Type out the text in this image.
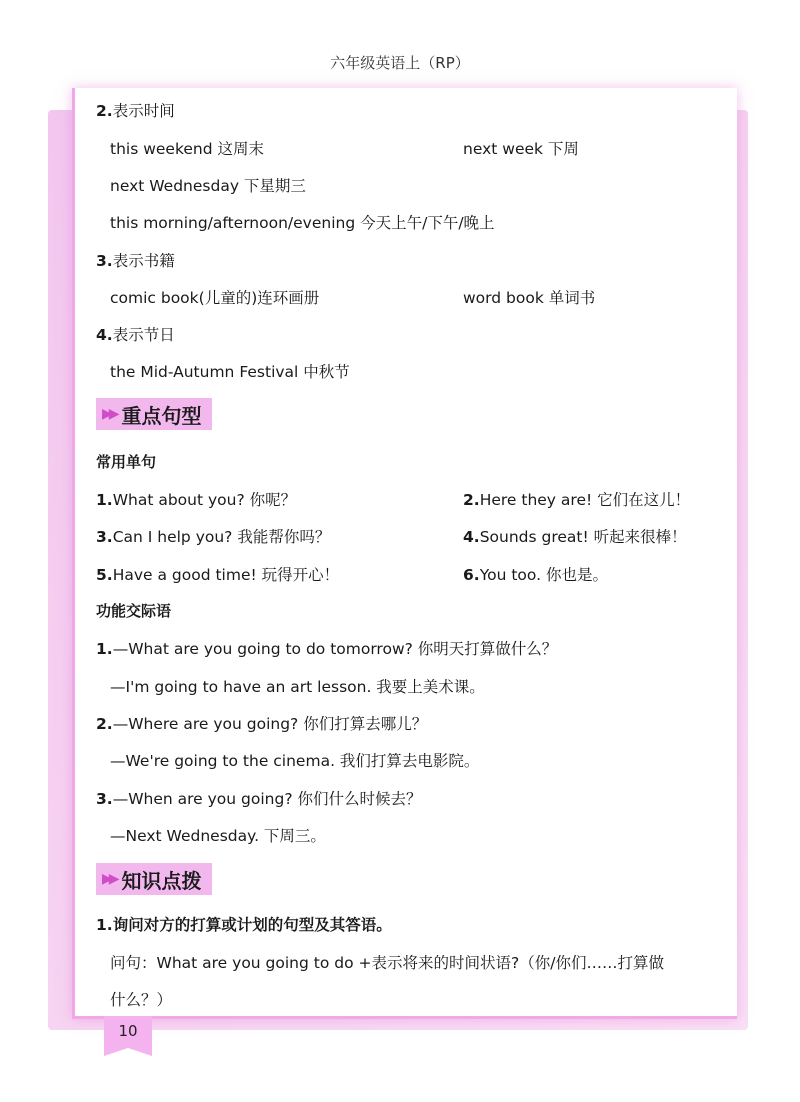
六年级英语上（RP）
2.表示时间
this weekend 这周末	next week 下周
next Wednesday 下星期三
this morning/afternoon/evening 今天上午/下午/晚上
3.表示书籍
comic book(儿童的)连环画册	word book 单词书
4.表示节日
the Mid-Autumn Festival 中秋节
▶▶ 重点句型
常用单句
1.What about you? 你呢？	2.Here they are! 它们在这儿！
3.Can I help you? 我能帮你吗？	4.Sounds great! 听起来很棒！
5.Have a good time! 玩得开心！	6.You too. 你也是。
功能交际语
1.—What are you going to do tomorrow? 你明天打算做什么？
—I'm going to have an art lesson. 我要上美术课。
2.—Where are you going? 你们打算去哪儿？
—We're going to the cinema. 我们打算去电影院。
3.—When are you going? 你们什么时候去？
—Next Wednesday. 下周三。
▶▶ 知识点拨
1.询问对方的打算或计划的句型及其答语。
问句：What are you going to do +表示将来的时间状语?（你/你们……打算做
什么？）
10
